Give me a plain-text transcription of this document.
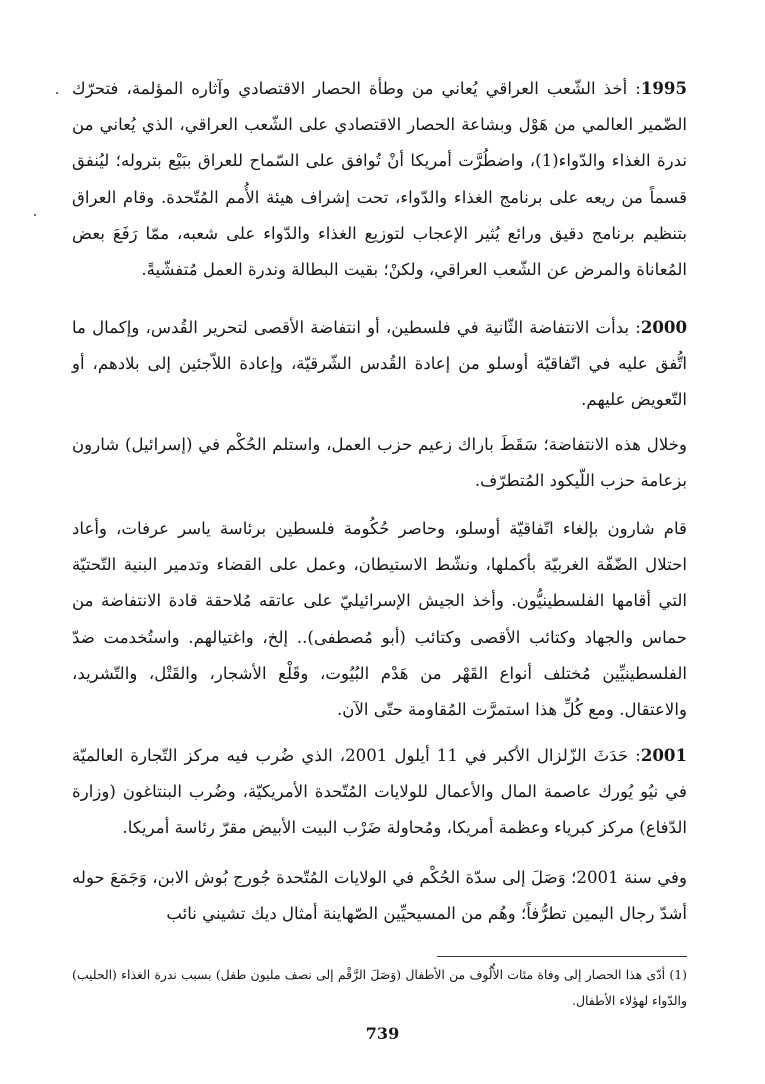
1995: أخذ الشّعب العراقي يُعاني من وطأة الحصار الاقتصادي وآثاره المؤلمة، فتحرّك الضّمير العالمي من هَوْل وبشاعة الحصار الاقتصادي على الشّعب العراقي، الذي يُعاني من ندرة الغذاء والدّواء(1)، واضطُرَّت أمريكا أنْ تُوافق على السّماح للعراق ببَيْع بتروله؛ ليُنفق قسماً من ريعه على برنامج الغذاء والدّواء، تحت إشراف هيئة الأُمم المُتّحدة. وقام العراق بتنظيم برنامج دقيق ورائع يُثير الإعجاب لتوزيع الغذاء والدّواء على شعبه، ممّا رَفَعَ بعض المُعاناة والمرض عن الشّعب العراقي، ولكنْ؛ بقيت البطالة وندرة العمل مُتفشّيةً.
2000: بدأت الانتفاضة الثّانية في فلسطين، أو انتفاضة الأقصى لتحرير القُدس، وإكمال ما اتُّفق عليه في اتّفاقيّة أوسلو من إعادة القُدس الشّرقيّة، وإعادة اللاّجئين إلى بلادهم، أو التّعويض عليهم.
وخلال هذه الانتفاضة؛ سَقَطَ باراك زعيم حزب العمل، واستلم الحُكْم في (إسرائيل) شارون بزعامة حزب اللّيكود المُتطرّف.
قام شارون بإلغاء اتّفاقيّة أوسلو، وحاصر حُكُومة فلسطين برئاسة ياسر عرفات، وأعاد احتلال الضّفّة الغربيّة بأكملها، ونشّط الاستيطان، وعمل على القضاء وتدمير البنية التّحتيّة التي أقامها الفلسطينيُّون. وأخذ الجيش الإسرائيليّ على عاتقه مُلاحقة قادة الانتفاضة من حماس والجهاد وكتائب الأقصى وكتائب (أبو مُصطفى).. إلخ، واغتيالهم. واستُخدمت ضدّ الفلسطينيِّين مُختلف أنواع القَهْر من هَدْم البُيُوت، وقَلْع الأشجار، والقَتْل، والتّشريد، والاعتقال. ومع كُلِّ هذا استمرَّت المُقاومة حتّى الآن.
2001: حَدَثَ الزّلزال الأكبر في 11 أيلول 2001، الذي ضُرب فيه مركز التّجارة العالميّة في نيُو يُورك عاصمة المال والأعمال للولايات المُتّحدة الأمريكيّة، وضُرب البنتاغون (وزارة الدّفاع) مركز كبرياء وعظمة أمريكا، ومُحاولة ضَرْب البيت الأبيض مقرّ رئاسة أمريكا.
وفي سنة 2001؛ وَصَلَ إلى سدّة الحُكْم في الولايات المُتّحدة جُورج بُوش الابن، وَجَمَعَ حوله أشدّ رجال اليمين تطرُّفاً؛ وهُم من المسيحيِّين الصّهاينة أمثال ديك تشيني نائب
(1) أدّى هذا الحصار إلى وفاة مئات الأُلُوف من الأطفال (وَصَلَ الرَّقْم إلى نصف مليون طفل) بسبب ندرة الغذاء (الحليب) والدّواء لهؤلاء الأطفال.
739
